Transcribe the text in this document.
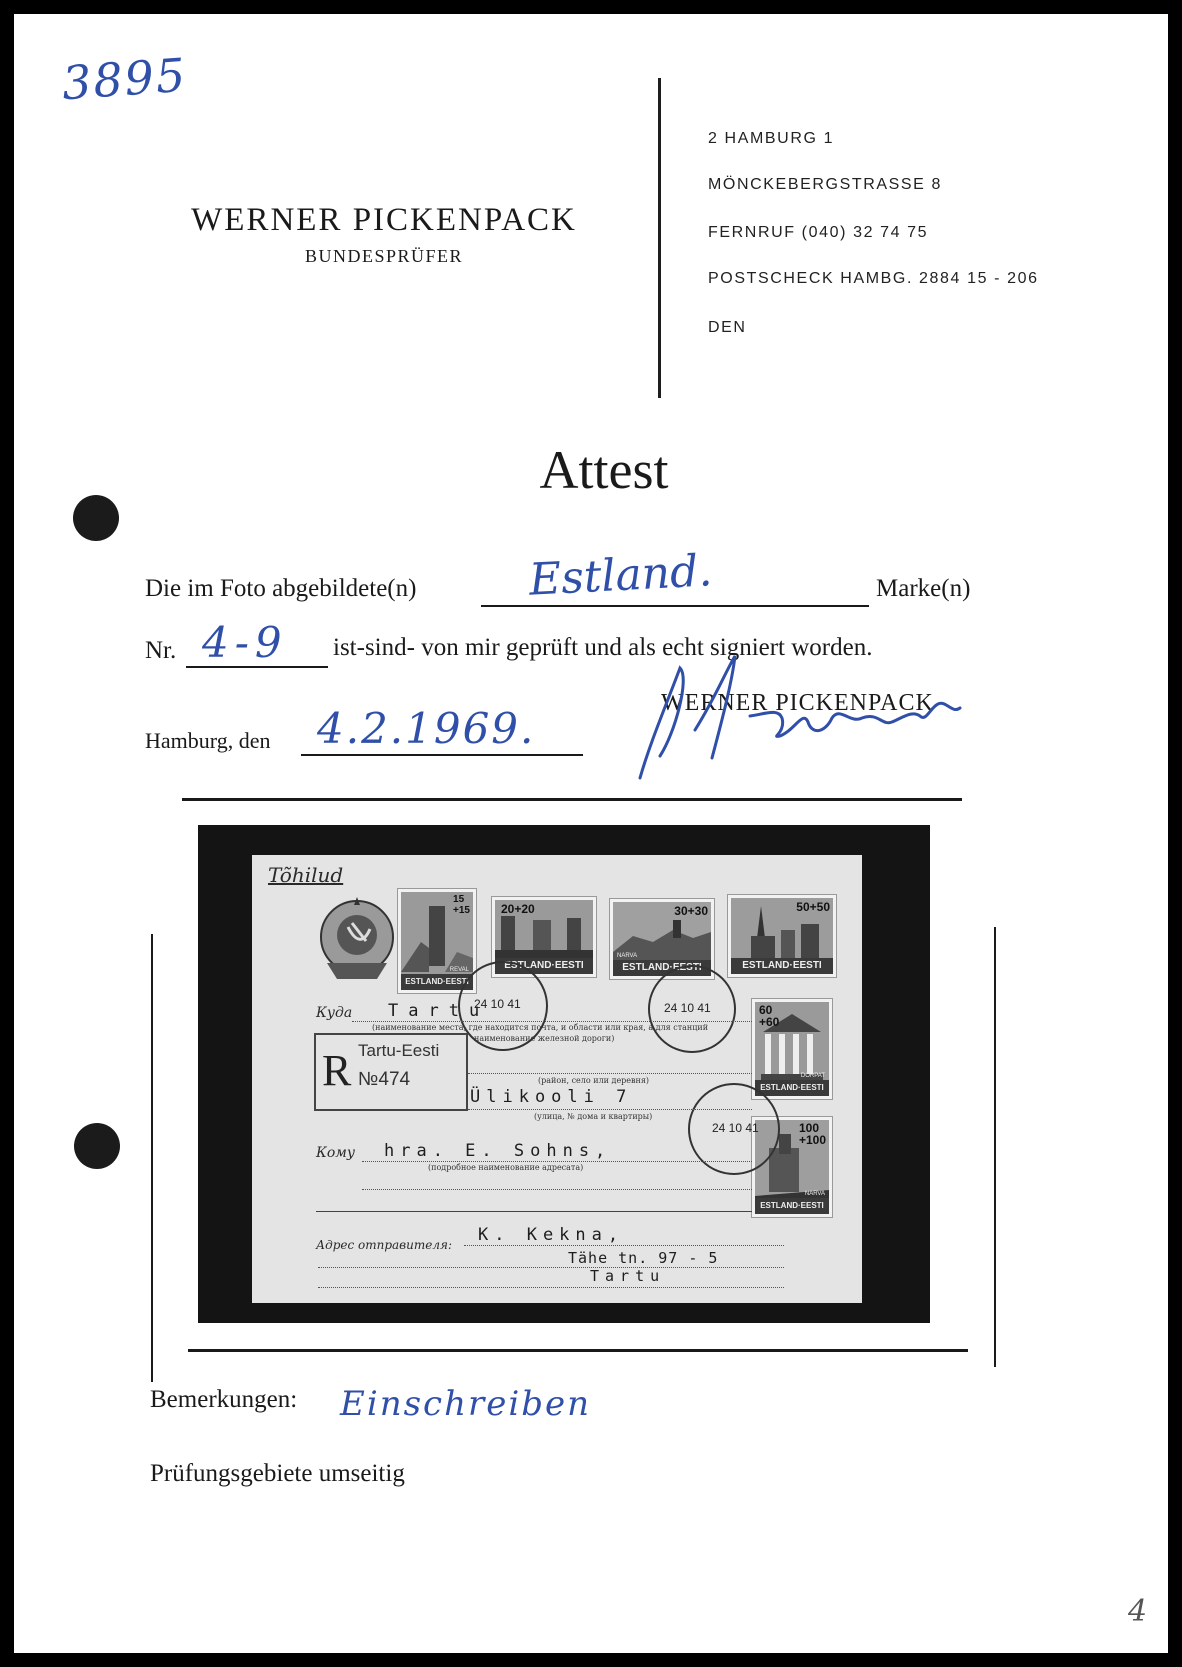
3895
WERNER PICKENPACK
BUNDESPRÜFER
2 HAMBURG 1
MÖNCKEBERGSTRASSE 8
FERNRUF (040) 32 74 75
POSTSCHECK HAMBG. 2884 15 - 206
DEN
Attest
Die im Foto abgebildete(n)	Estland.	Marke(n)
Nr. 4-9 ist-sind- von mir geprüft und als echt signiert worden.
WERNER PICKENPACK
Hamburg, den 4.2.1969.
Tõhilud
15
+15
REVAL
ESTLAND·EESTI
20+20
ESTLAND·EESTI
30+30
NARVA
ESTLAND·EESTI
50+50
ESTLAND·EESTI
60
+60
DORPAT
ESTLAND·EESTI
100
+100
NARVA
ESTLAND·EESTI
24 10 41	24 10 41
24 10 41
Куда Tartu
(наименование места, где находится почта, и области или края, а для станций
наименование железной дороги)
R Tartu-Eesti
№474	(район, село или деревня)
Ülikooli 7
(улица, № дома и квартиры)
Кому hra. E. Sohns,
(подробное наименование адресата)
Адрес отправителя: K. Kekna,
Tähe tn. 97 - 5
Tartu
Bemerkungen: Einschreiben
Prüfungsgebiete umseitig
4
